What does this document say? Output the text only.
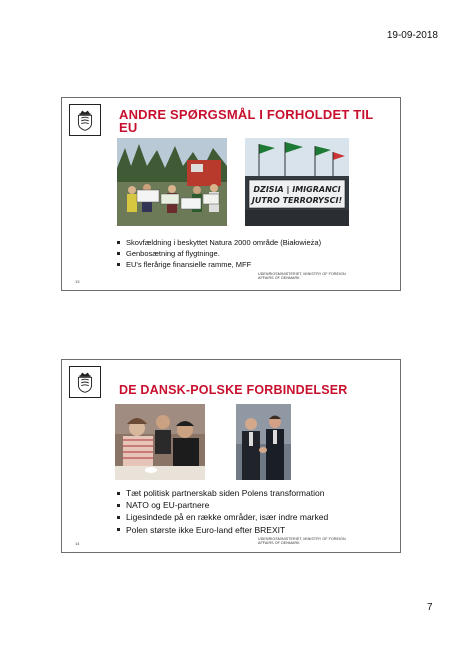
19-09-2018
ANDRE SPØRGSMÅL I FORHOLDET TIL EU
DZISIA | IMIGRANCI
JUTRO TERRORYSCI!
Skovfældning i beskyttet Natura 2000 område (Białowieża)
Genbosætning af flygtninge.
EU's flerårige finansielle ramme, MFF
13
UDENRIGSMINISTERIET, MINISTRY OF FOREIGN AFFAIRS OF DENMARK
DE DANSK-POLSKE FORBINDELSER
Tæt politisk partnerskab siden Polens transformation
NATO og EU-partnere
Ligesindede på en række områder, især indre marked
Polen største ikke Euro-land efter BREXIT
14
UDENRIGSMINISTERIET, MINISTRY OF FOREIGN AFFAIRS OF DENMARK
7
